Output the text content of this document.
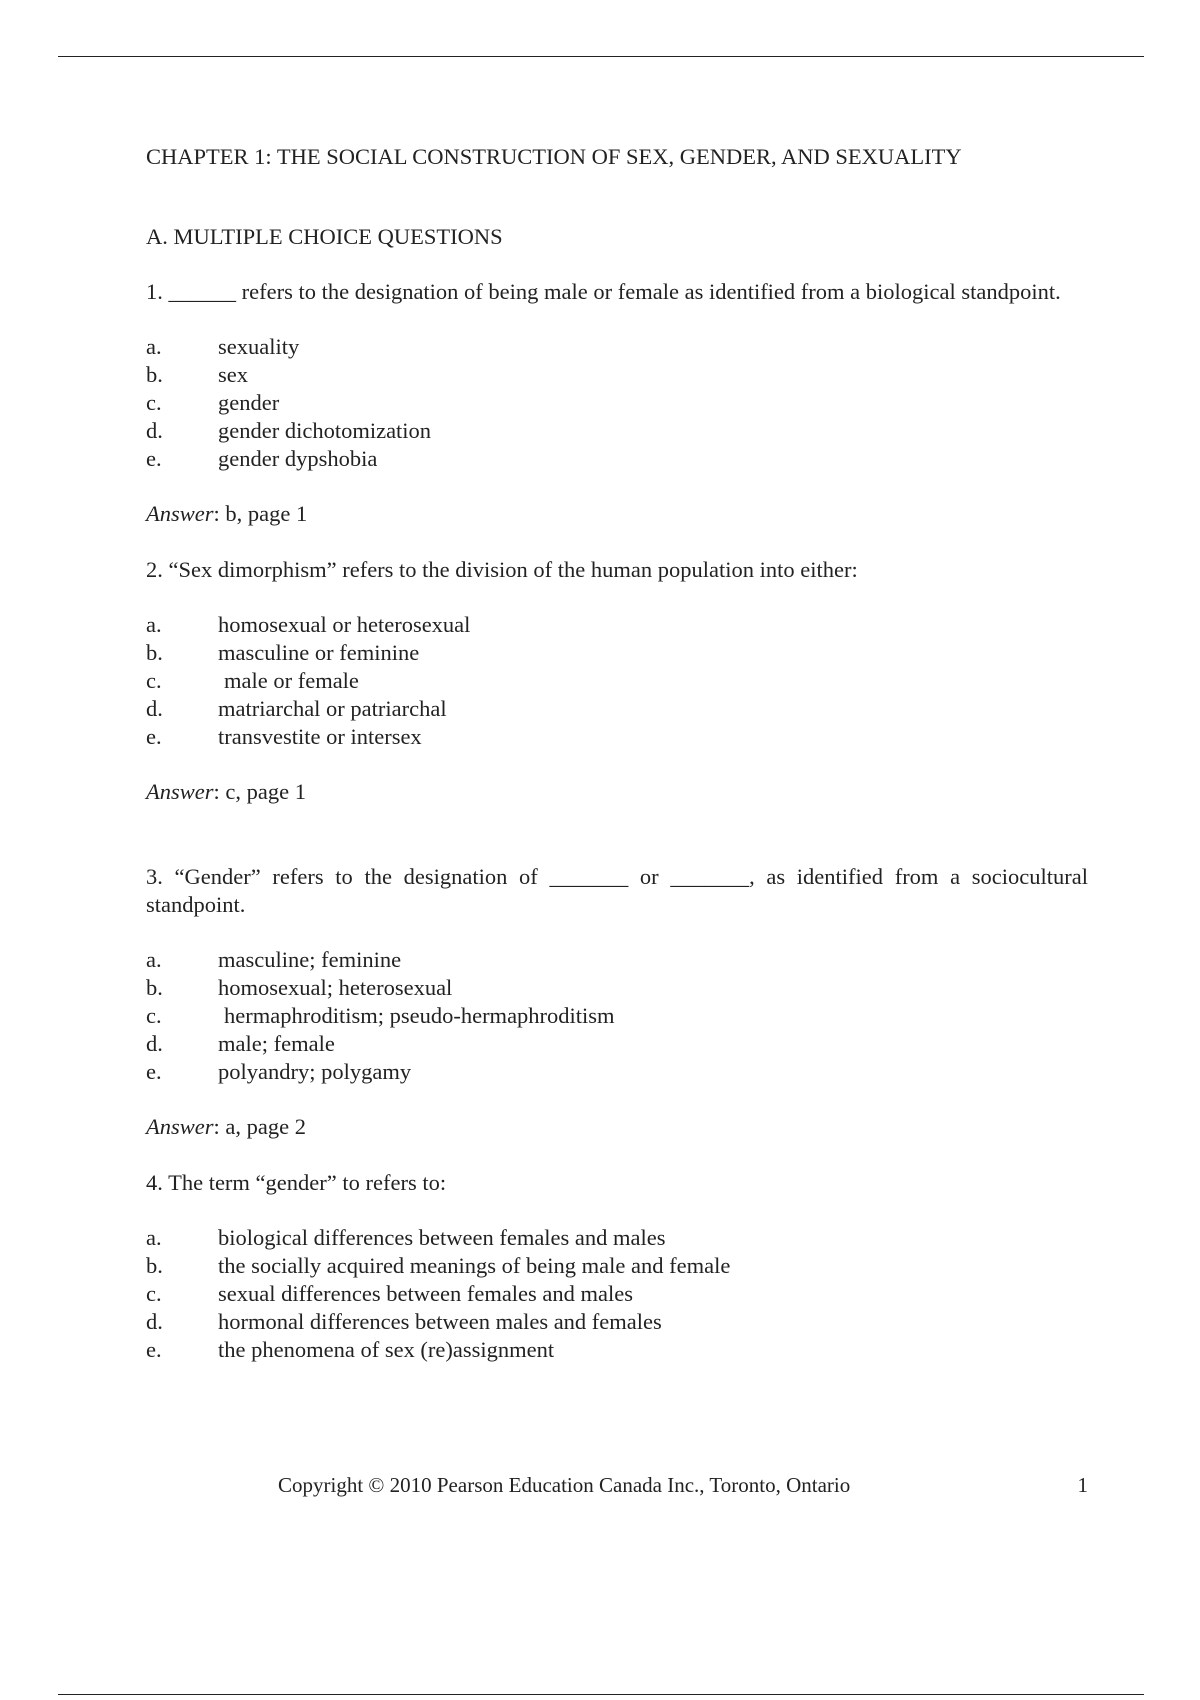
CHAPTER 1: THE SOCIAL CONSTRUCTION OF SEX, GENDER, AND SEXUALITY
A. MULTIPLE CHOICE QUESTIONS

1. ______ refers to the designation of being male or female as identified from a biological standpoint.

a.	sexuality
b.	sex
c.	gender
d.	gender dichotomization
e.	gender dypshobia

Answer: b, page 1

2. “Sex dimorphism” refers to the division of the human population into either:

a.	homosexual or heterosexual
b.	masculine or feminine
c.	male or female
d.	matriarchal or patriarchal
e.	transvestite or intersex

Answer: c, page 1

3. “Gender” refers to the designation of _______ or _______, as identified from a sociocultural standpoint.

a.	masculine; feminine
b.	homosexual; heterosexual
c.	hermaphroditism; pseudo-hermaphroditism
d.	male; female
e.	polyandry; polygamy

Answer: a, page 2

4. The term “gender” to refers to:

a.	biological differences between females and males
b.	the socially acquired meanings of being male and female
c.	sexual differences between females and males
d.	hormonal differences between males and females
e.	the phenomena of sex (re)assignment
Copyright © 2010 Pearson Education Canada Inc., Toronto, Ontario	1
